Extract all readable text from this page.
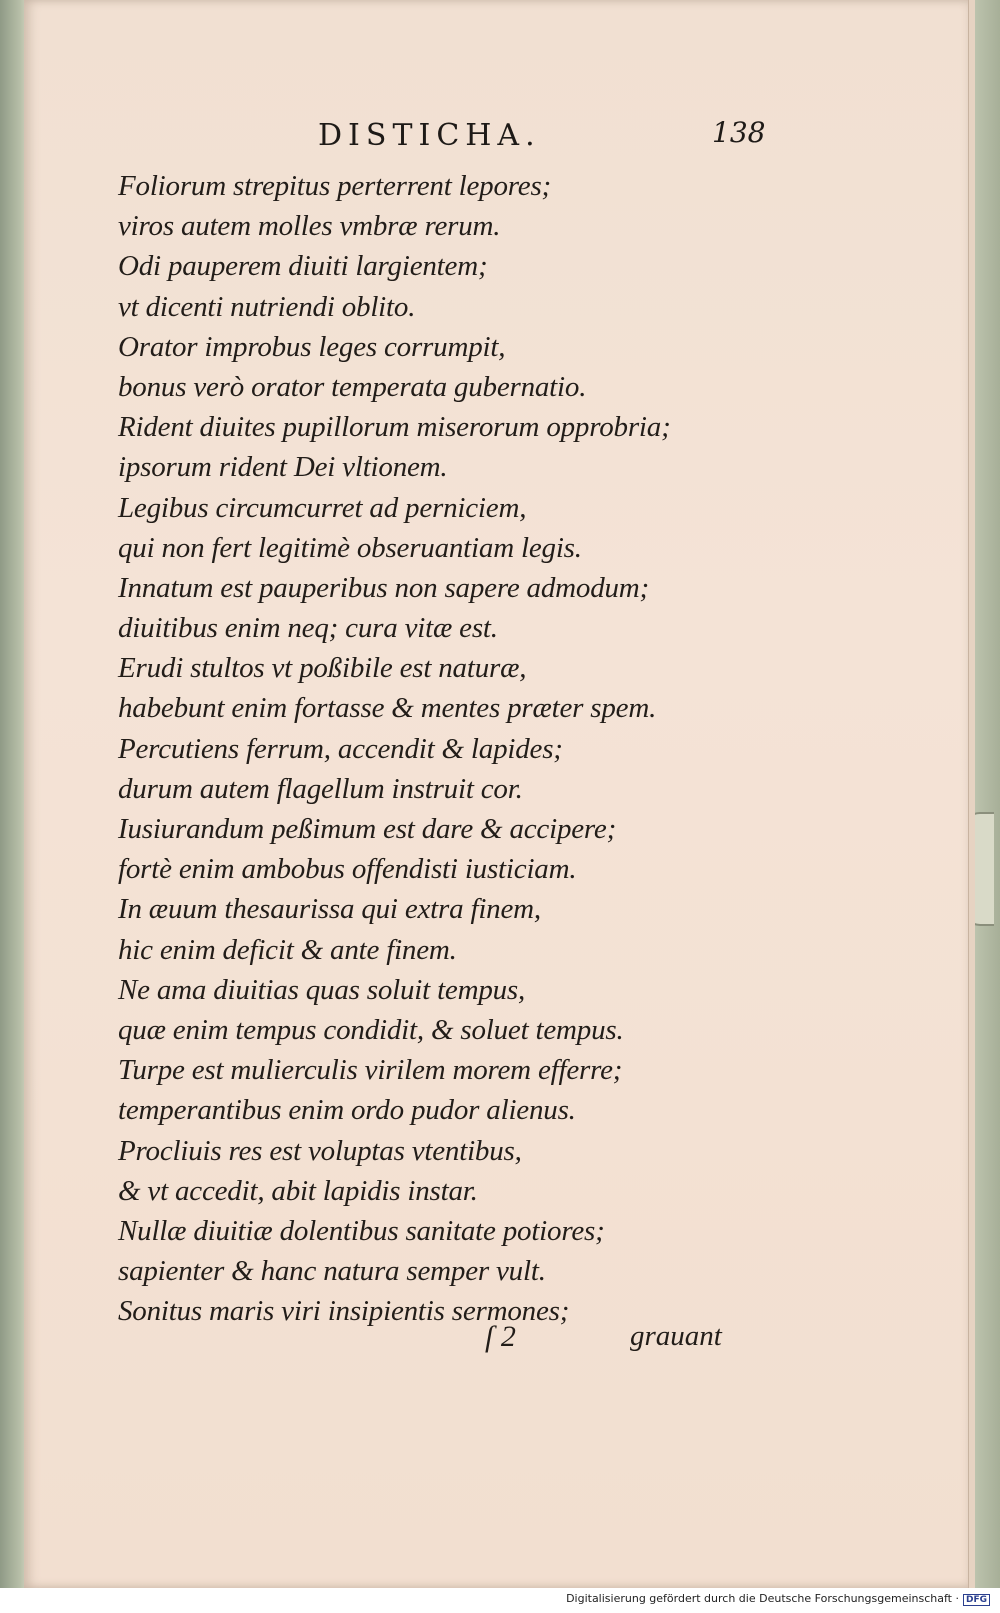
DISTICHA.	138
Foliorum strepitus perterrent lepores;
viros autem molles vmbræ rerum.
Odi pauperem diuiti largientem;
vt dicenti nutriendi oblito.
Orator improbus leges corrumpit,
bonus verò orator temperata gubernatio.
Rident diuites pupillorum miserorum opprobria;
ipsorum rident Dei vltionem.
Legibus circumcurret ad perniciem,
qui non fert legitimè obseruantiam legis.
Innatum est pauperibus non sapere admodum;
diuitibus enim neq; cura vitæ est.
Erudi stultos vt poßibile est naturæ,
habebunt enim fortasse & mentes præter spem.
Percutiens ferrum, accendit & lapides;
durum autem flagellum instruit cor.
Iusiurandum peßimum est dare & accipere;
fortè enim ambobus offendisti iusticiam.
In æuum thesaurissa qui extra finem,
hic enim deficit & ante finem.
Ne ama diuitias quas soluit tempus,
quæ enim tempus condidit, & soluet tempus.
Turpe est mulierculis virilem morem efferre;
temperantibus enim ordo pudor alienus.
Procliuis res est voluptas vtentibus,
& vt accedit, abit lapidis instar.
Nullæ diuitiæ dolentibus sanitate potiores;
sapienter & hanc natura semper vult.
Sonitus maris viri insipientis sermones;
ſ 2	grauant
Digitalisierung gefördert durch die Deutsche Forschungsgemeinschaft · DFG
